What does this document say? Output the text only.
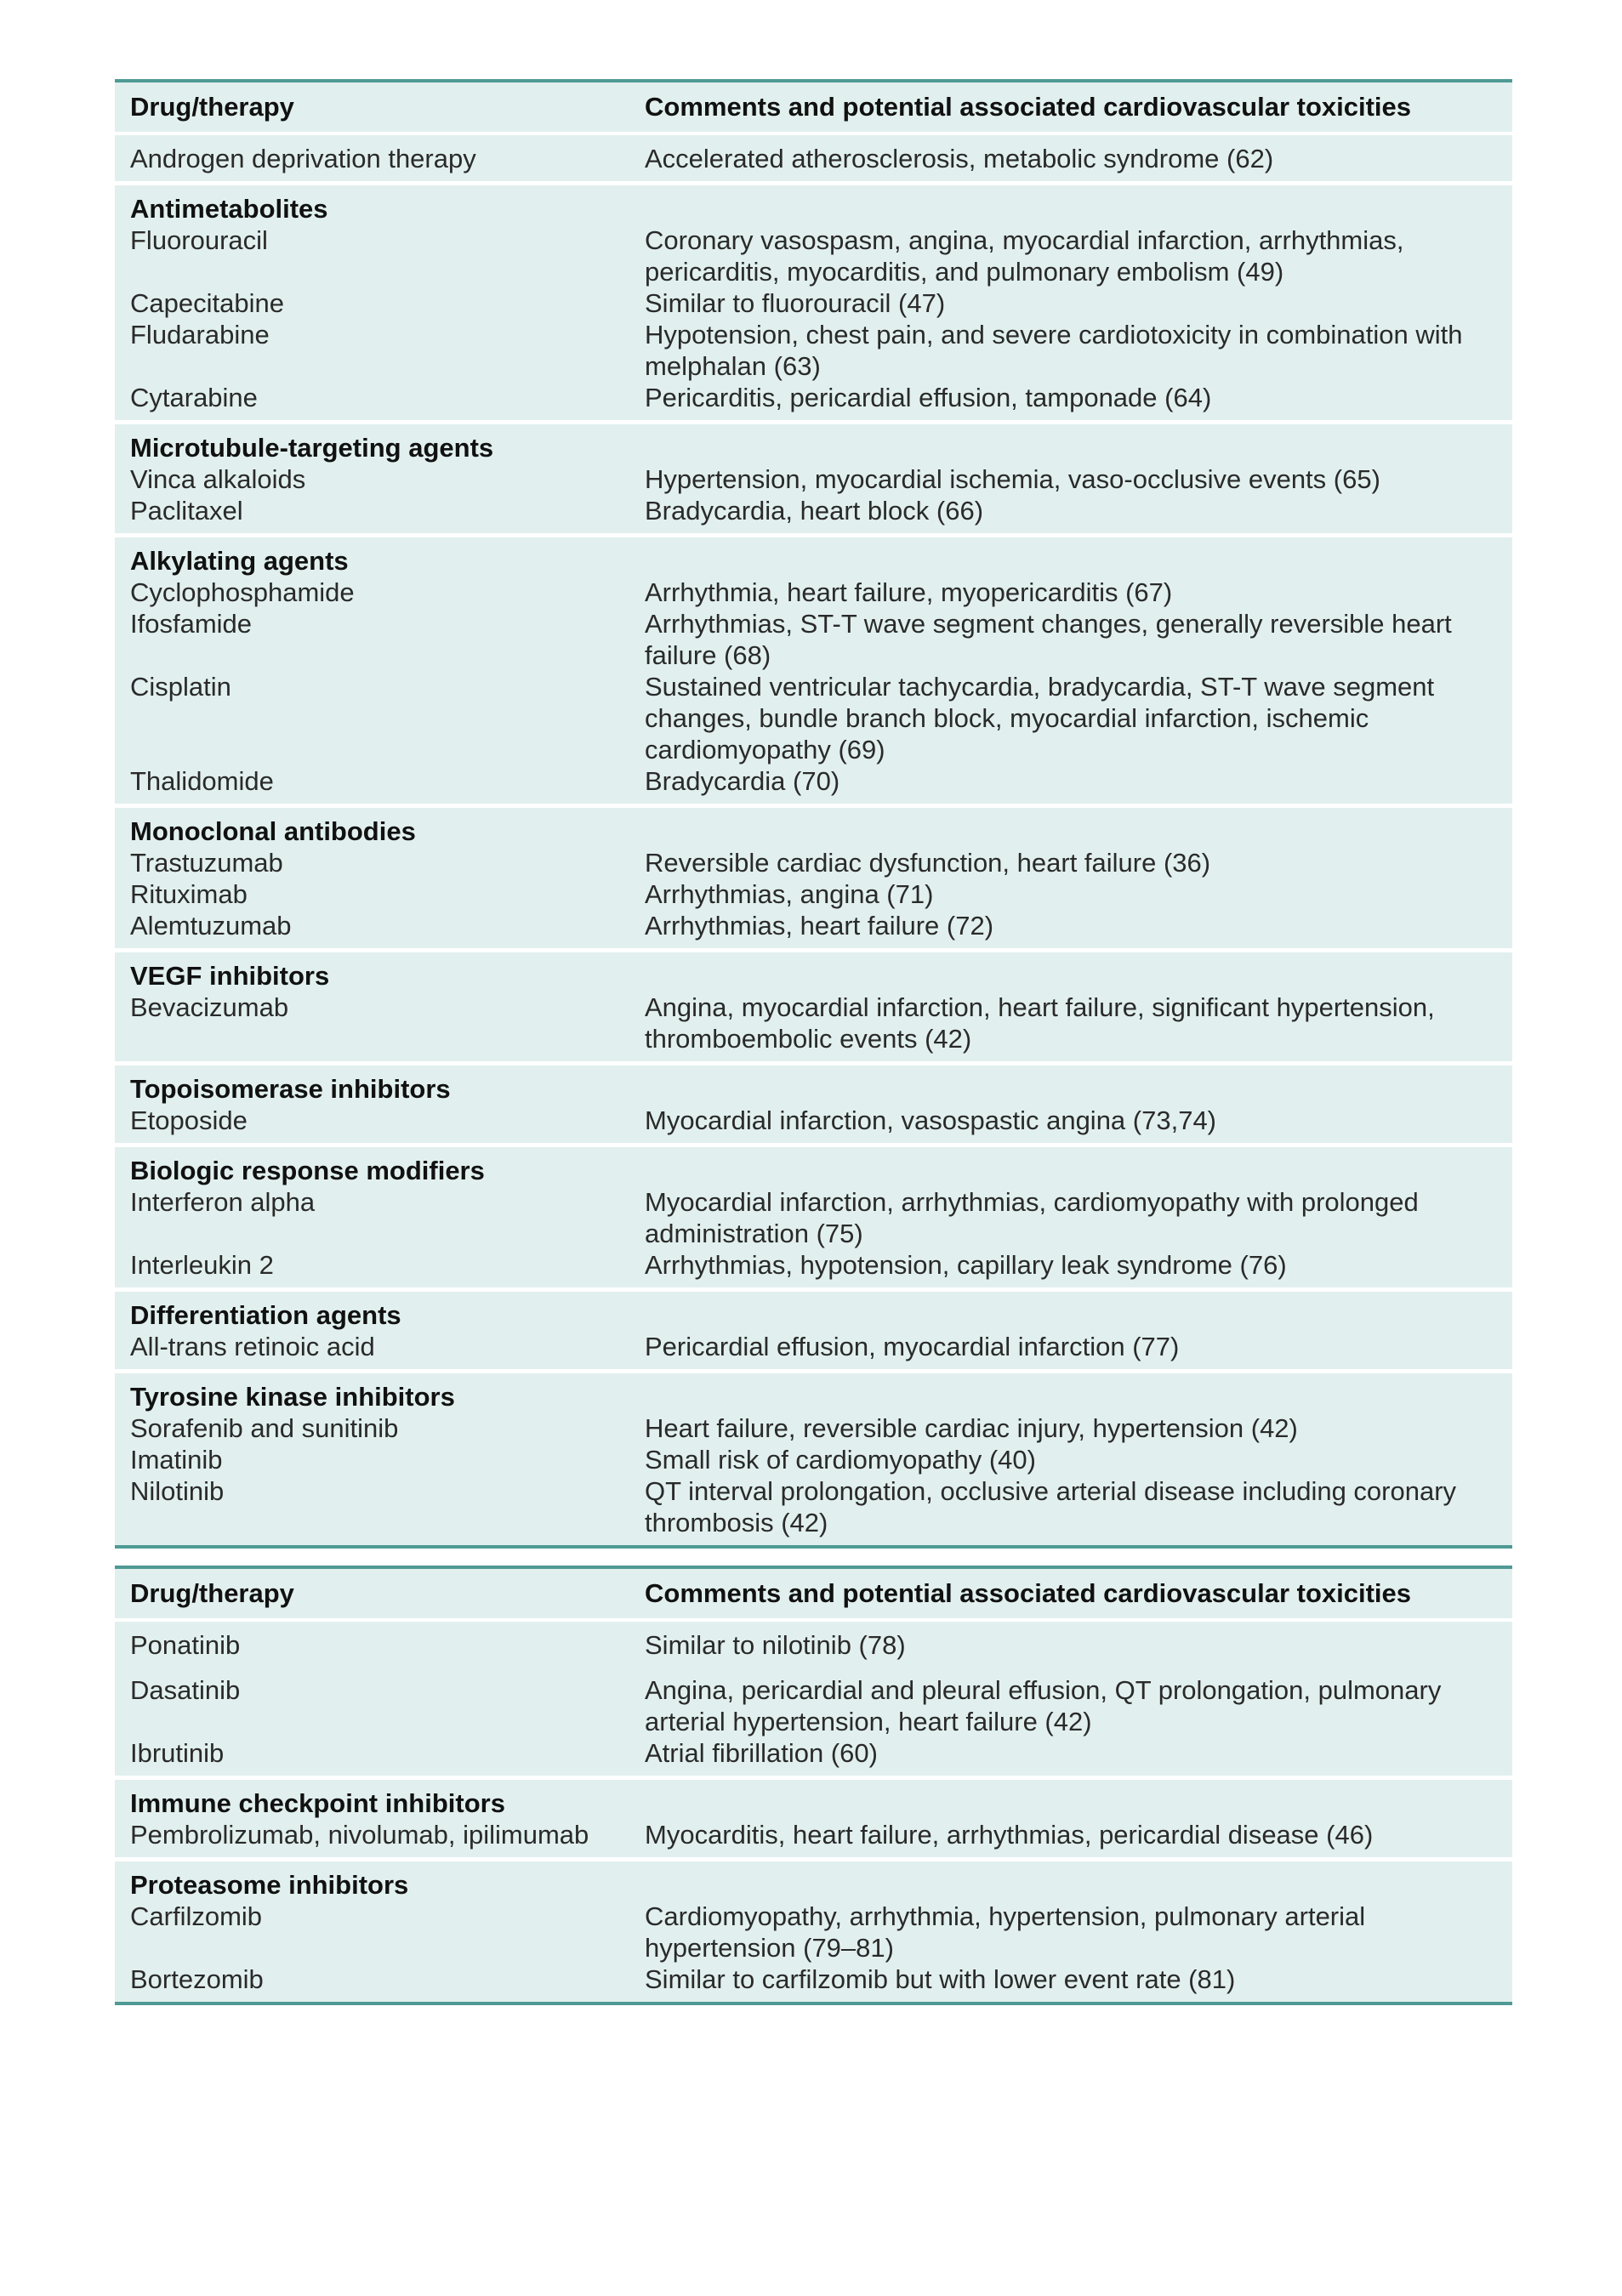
Drug/therapy	Comments and potential associated cardiovascular toxicities
Androgen deprivation therapy	Accelerated atherosclerosis, metabolic syndrome (62)
Antimetabolites
Fluorouracil	Coronary vasospasm, angina, myocardial infarction, arrhythmias, pericarditis, myocarditis, and pulmonary embolism (49)
Capecitabine	Similar to fluorouracil (47)
Fludarabine	Hypotension, chest pain, and severe cardiotoxicity in combination with melphalan (63)
Cytarabine	Pericarditis, pericardial effusion, tamponade (64)
Microtubule-targeting agents
Vinca alkaloids	Hypertension, myocardial ischemia, vaso-occlusive events (65)
Paclitaxel	Bradycardia, heart block (66)
Alkylating agents
Cyclophosphamide	Arrhythmia, heart failure, myopericarditis (67)
Ifosfamide	Arrhythmias, ST-T wave segment changes, generally reversible heart failure (68)
Cisplatin	Sustained ventricular tachycardia, bradycardia, ST-T wave segment changes, bundle branch block, myocardial infarction, ischemic cardiomyopathy (69)
Thalidomide	Bradycardia (70)
Monoclonal antibodies
Trastuzumab	Reversible cardiac dysfunction, heart failure (36)
Rituximab	Arrhythmias, angina (71)
Alemtuzumab	Arrhythmias, heart failure (72)
VEGF inhibitors
Bevacizumab	Angina, myocardial infarction, heart failure, significant hypertension, thromboembolic events (42)
Topoisomerase inhibitors
Etoposide	Myocardial infarction, vasospastic angina (73,74)
Biologic response modifiers
Interferon alpha	Myocardial infarction, arrhythmias, cardiomyopathy with prolonged administration (75)
Interleukin 2	Arrhythmias, hypotension, capillary leak syndrome (76)
Differentiation agents
All-trans retinoic acid	Pericardial effusion, myocardial infarction (77)
Tyrosine kinase inhibitors
Sorafenib and sunitinib	Heart failure, reversible cardiac injury, hypertension (42)
Imatinib	Small risk of cardiomyopathy (40)
Nilotinib	QT interval prolongation, occlusive arterial disease including coronary thrombosis (42)
Drug/therapy	Comments and potential associated cardiovascular toxicities
Ponatinib	Similar to nilotinib (78)
Dasatinib	Angina, pericardial and pleural effusion, QT prolongation, pulmonary arterial hypertension, heart failure (42)
Ibrutinib	Atrial fibrillation (60)
Immune checkpoint inhibitors
Pembrolizumab, nivolumab, ipilimumab	Myocarditis, heart failure, arrhythmias, pericardial disease (46)
Proteasome inhibitors
Carfilzomib	Cardiomyopathy, arrhythmia, hypertension, pulmonary arterial hypertension (79–81)
Bortezomib	Similar to carfilzomib but with lower event rate (81)
